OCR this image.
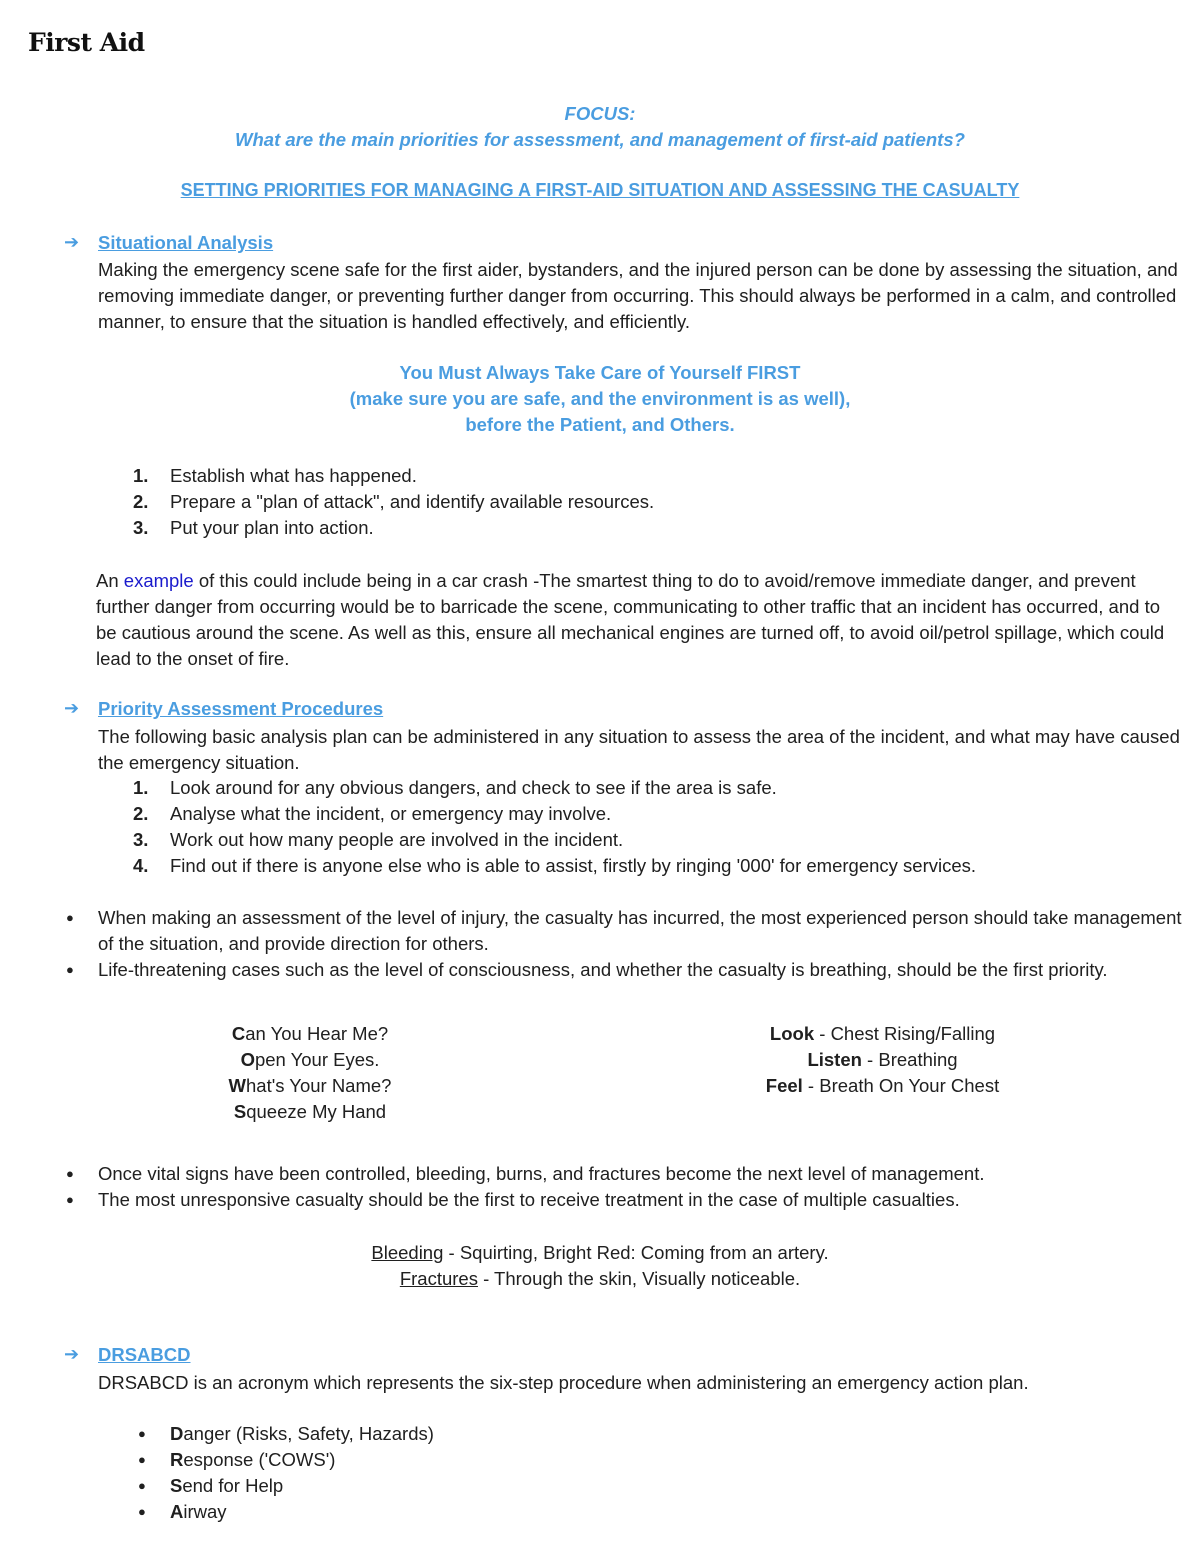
First Aid
FOCUS:
What are the main priorities for assessment, and management of first-aid patients?
SETTING PRIORITIES FOR MANAGING A FIRST-AID SITUATION AND ASSESSING THE CASUALTY
➔ Situational Analysis
Making the emergency scene safe for the first aider, bystanders, and the injured person can be done by assessing the situation, and removing immediate danger, or preventing further danger from occurring. This should always be performed in a calm, and controlled manner, to ensure that the situation is handled effectively, and efficiently.
You Must Always Take Care of Yourself FIRST
(make sure you are safe, and the environment is as well),
before the Patient, and Others.
1. Establish what has happened.
2. Prepare a "plan of attack", and identify available resources.
3. Put your plan into action.
An example of this could include being in a car crash -The smartest thing to do to avoid/remove immediate danger, and prevent further danger from occurring would be to barricade the scene, communicating to other traffic that an incident has occurred, and to be cautious around the scene. As well as this, ensure all mechanical engines are turned off, to avoid oil/petrol spillage, which could lead to the onset of fire.
➔ Priority Assessment Procedures
The following basic analysis plan can be administered in any situation to assess the area of the incident, and what may have caused the emergency situation.
1. Look around for any obvious dangers, and check to see if the area is safe.
2. Analyse what the incident, or emergency may involve.
3. Work out how many people are involved in the incident.
4. Find out if there is anyone else who is able to assist, firstly by ringing '000' for emergency services.
● When making an assessment of the level of injury, the casualty has incurred, the most experienced person should take management of the situation, and provide direction for others.
● Life-threatening cases such as the level of consciousness, and whether the casualty is breathing, should be the first priority.
Can You Hear Me?
Open Your Eyes.
What's Your Name?
Squeeze My Hand
Look - Chest Rising/Falling
Listen - Breathing
Feel - Breath On Your Chest
● Once vital signs have been controlled, bleeding, burns, and fractures become the next level of management.
● The most unresponsive casualty should be the first to receive treatment in the case of multiple casualties.
Bleeding - Squirting, Bright Red: Coming from an artery.
Fractures - Through the skin, Visually noticeable.
➔ DRSABCD
DRSABCD is an acronym which represents the six-step procedure when administering an emergency action plan.
● Danger (Risks, Safety, Hazards)
● Response ('COWS')
● Send for Help
● Airway
